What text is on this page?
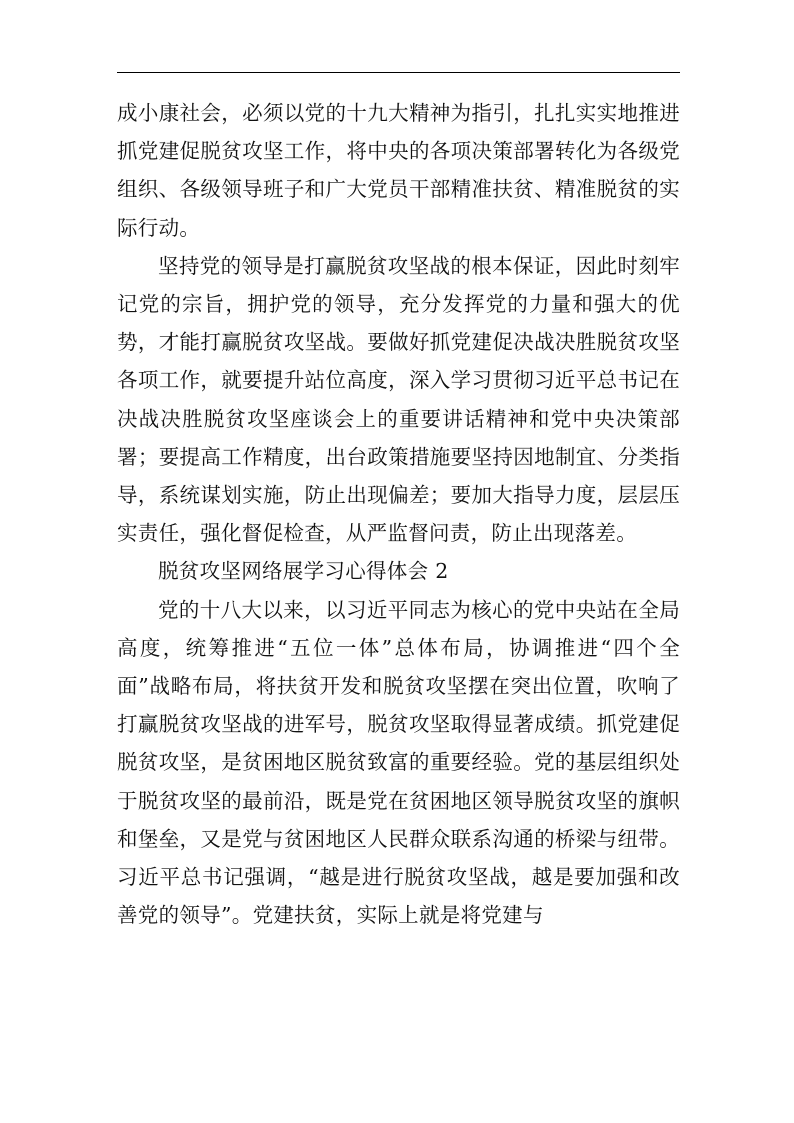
成小康社会，必须以党的十九大精神为指引，扎扎实实地推进抓党建促脱贫攻坚工作，将中央的各项决策部署转化为各级党组织、各级领导班子和广大党员干部精准扶贫、精准脱贫的实际行动。

坚持党的领导是打赢脱贫攻坚战的根本保证，因此时刻牢记党的宗旨，拥护党的领导，充分发挥党的力量和强大的优势，才能打赢脱贫攻坚战。要做好抓党建促决战决胜脱贫攻坚各项工作，就要提升站位高度，深入学习贯彻习近平总书记在决战决胜脱贫攻坚座谈会上的重要讲话精神和党中央决策部署；要提高工作精度，出台政策措施要坚持因地制宜、分类指导，系统谋划实施，防止出现偏差；要加大指导力度，层层压实责任，强化督促检查，从严监督问责，防止出现落差。

脱贫攻坚网络展学习心得体会 2

党的十八大以来，以习近平同志为核心的党中央站在全局高度，统筹推进“五位一体”总体布局，协调推进“四个全面”战略布局，将扶贫开发和脱贫攻坚摆在突出位置，吹响了打赢脱贫攻坚战的进军号，脱贫攻坚取得显著成绩。抓党建促脱贫攻坚，是贫困地区脱贫致富的重要经验。党的基层组织处于脱贫攻坚的最前沿，既是党在贫困地区领导脱贫攻坚的旗帜和堡垒，又是党与贫困地区人民群众联系沟通的桥梁与纽带。习近平总书记强调，“越是进行脱贫攻坚战，越是要加强和改善党的领导”。党建扶贫，实际上就是将党建与
